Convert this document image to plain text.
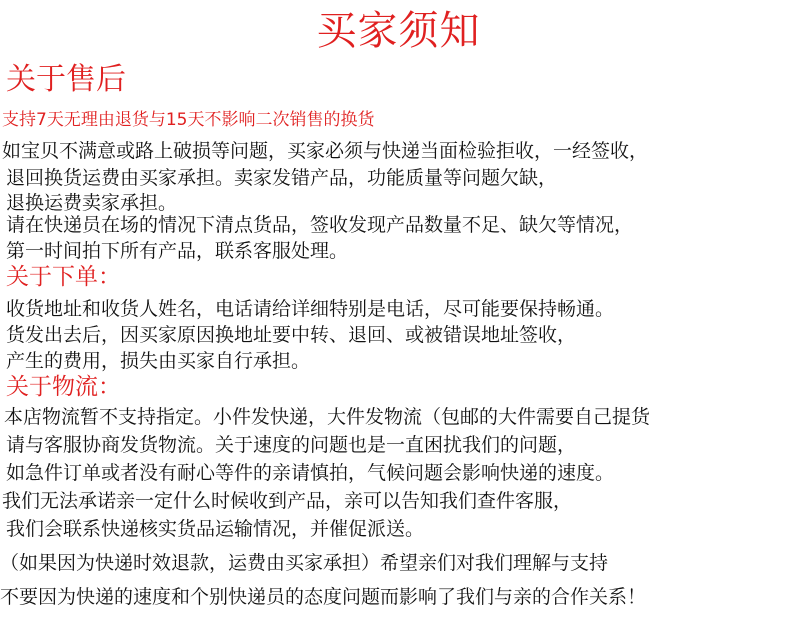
买家须知
关于售后
支持7天无理由退货与15天不影响二次销售的换货
如宝贝不满意或路上破损等问题，买家必须与快递当面检验拒收，一经签收，
退回换货运费由买家承担。卖家发错产品，功能质量等问题欠缺，
退换运费卖家承担。
请在快递员在场的情况下清点货品，签收发现产品数量不足、缺欠等情况，
第一时间拍下所有产品，联系客服处理。
关于下单：
收货地址和收货人姓名，电话请给详细特别是电话，尽可能要保持畅通。
货发出去后，因买家原因换地址要中转、退回、或被错误地址签收，
产生的费用，损失由买家自行承担。
关于物流：
本店物流暂不支持指定。小件发快递，大件发物流（包邮的大件需要自己提货
请与客服协商发货物流。关于速度的问题也是一直困扰我们的问题，
如急件订单或者没有耐心等件的亲请慎拍，气候问题会影响快递的速度。
我们无法承诺亲一定什么时候收到产品，亲可以告知我们查件客服，
我们会联系快递核实货品运输情况，并催促派送。
（如果因为快递时效退款，运费由买家承担）希望亲们对我们理解与支持
不要因为快递的速度和个别快递员的态度问题而影响了我们与亲的合作关系！
